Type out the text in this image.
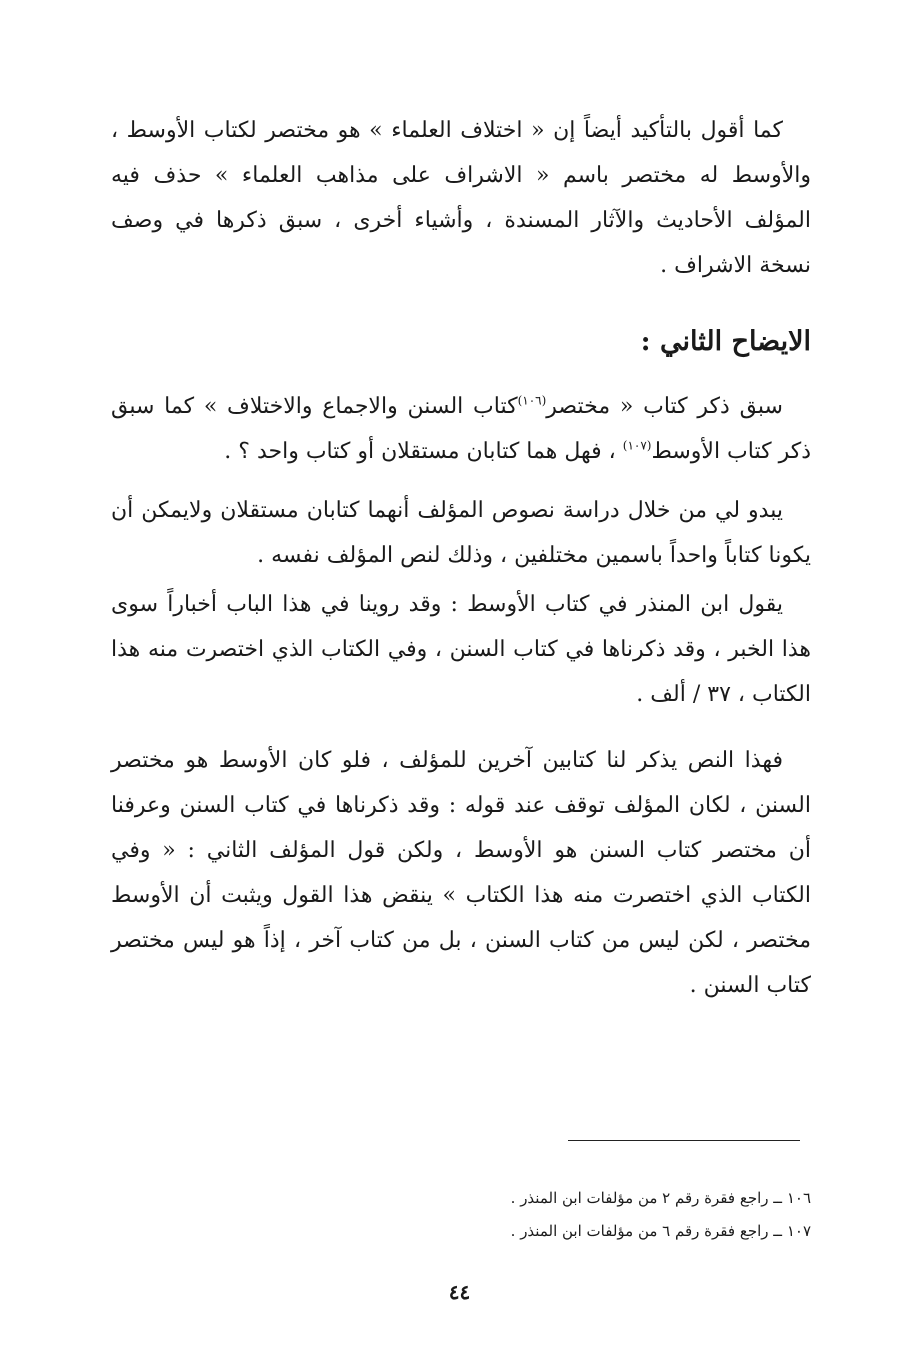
كما أقول بالتأكيد أيضاً إن « اختلاف العلماء » هو مختصر لكتاب الأوسط ، والأوسط له مختصر باسم « الاشراف على مذاهب العلماء » حذف فيه المؤلف الأحاديث والآثار المسندة ، وأشياء أخرى ، سبق ذكرها في وصف نسخة الاشراف .

الايضاح الثاني :

سبق ذكر كتاب « مختصر$^{(١٠٦)}$كتاب السنن والاجماع والاختلاف » كما سبق ذكر كتاب الأوسط$^{(١٠٧)}$ ، فهل هما كتابان مستقلان أو كتاب واحد ؟ .

يبدو لي من خلال دراسة نصوص المؤلف أنهما كتابان مستقلان ولايمكن أن يكونا كتاباً واحداً باسمين مختلفين ، وذلك لنص المؤلف نفسه .

يقول ابن المنذر في كتاب الأوسط : وقد روينا في هذا الباب أخباراً سوى هذا الخبر ، وقد ذكرناها في كتاب السنن ، وفي الكتاب الذي اختصرت منه هذا الكتاب ، ٣٧ / ألف .

فهذا النص يذكر لنا كتابين آخرين للمؤلف ، فلو كان الأوسط هو مختصر السنن ، لكان المؤلف توقف عند قوله : وقد ذكرناها في كتاب السنن وعرفنا أن مختصر كتاب السنن هو الأوسط ، ولكن قول المؤلف الثاني : « وفي الكتاب الذي اختصرت منه هذا الكتاب » ينقض هذا القول ويثبت أن الأوسط مختصر ، لكن ليس من كتاب السنن ، بل من كتاب آخر ، إذاً هو ليس مختصر كتاب السنن .

١٠٦ ــ راجع فقرة رقم ٢ من مؤلفات ابن المنذر .

١٠٧ ــ راجع فقرة رقم ٦ من مؤلفات ابن المنذر .

٤٤
